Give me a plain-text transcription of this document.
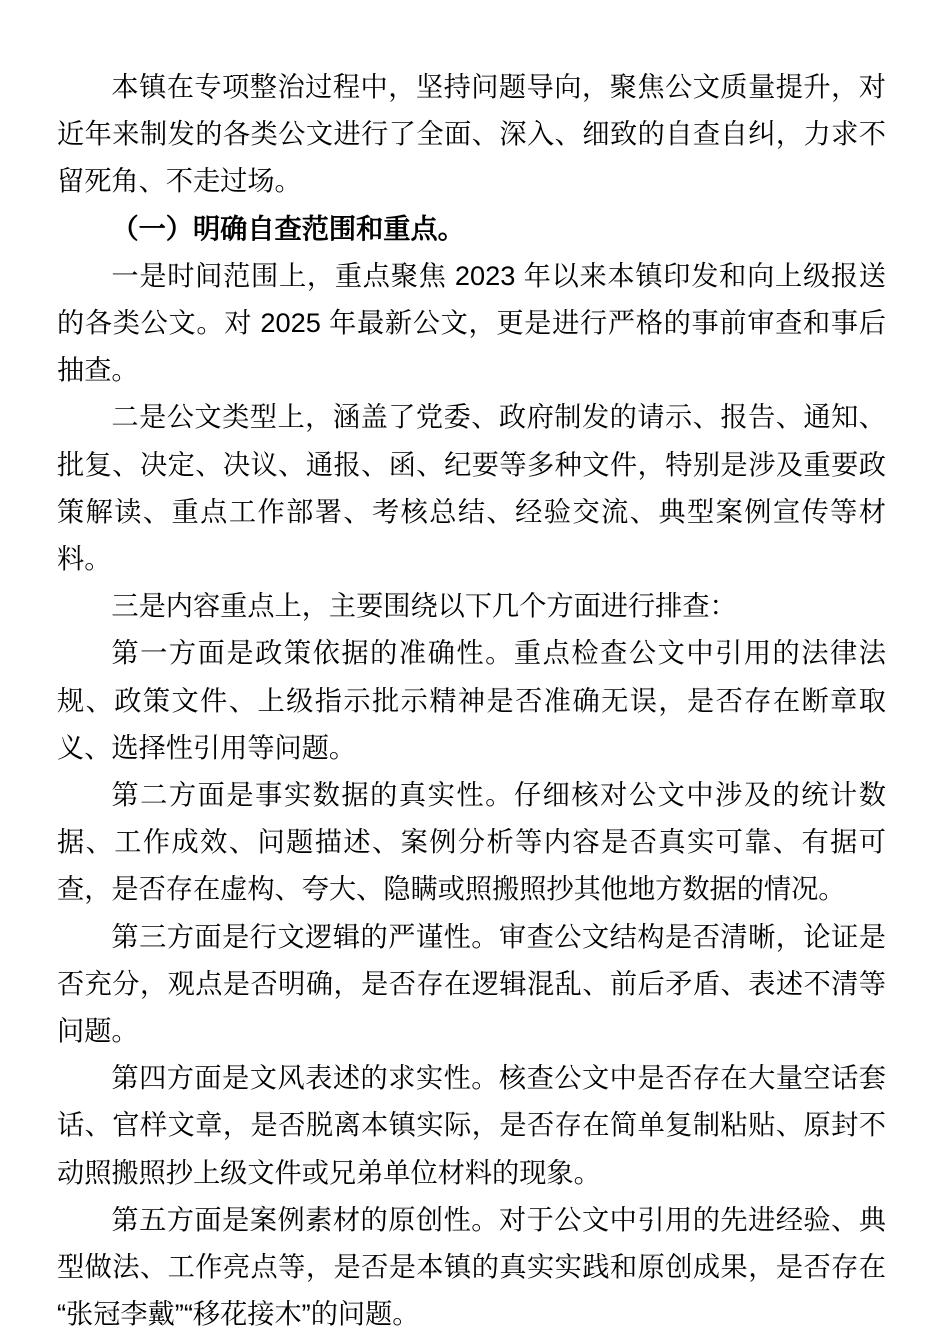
本镇在专项整治过程中，坚持问题导向，聚焦公文质量提升，对近年来制发的各类公文进行了全面、深入、细致的自查自纠，力求不留死角、不走过场。

（一）明确自查范围和重点。

一是时间范围上，重点聚焦 2023 年以来本镇印发和向上级报送的各类公文。对 2025 年最新公文，更是进行严格的事前审查和事后抽查。

二是公文类型上，涵盖了党委、政府制发的请示、报告、通知、批复、决定、决议、通报、函、纪要等多种文件，特别是涉及重要政策解读、重点工作部署、考核总结、经验交流、典型案例宣传等材料。

三是内容重点上，主要围绕以下几个方面进行排查：

第一方面是政策依据的准确性。重点检查公文中引用的法律法规、政策文件、上级指示批示精神是否准确无误，是否存在断章取义、选择性引用等问题。

第二方面是事实数据的真实性。仔细核对公文中涉及的统计数据、工作成效、问题描述、案例分析等内容是否真实可靠、有据可查，是否存在虚构、夸大、隐瞒或照搬照抄其他地方数据的情况。

第三方面是行文逻辑的严谨性。审查公文结构是否清晰，论证是否充分，观点是否明确，是否存在逻辑混乱、前后矛盾、表述不清等问题。

第四方面是文风表述的求实性。核查公文中是否存在大量空话套话、官样文章，是否脱离本镇实际，是否存在简单复制粘贴、原封不动照搬照抄上级文件或兄弟单位材料的现象。

第五方面是案例素材的原创性。对于公文中引用的先进经验、典型做法、工作亮点等，是否是本镇的真实实践和原创成果，是否存在“张冠李戴”“移花接木”的问题。
